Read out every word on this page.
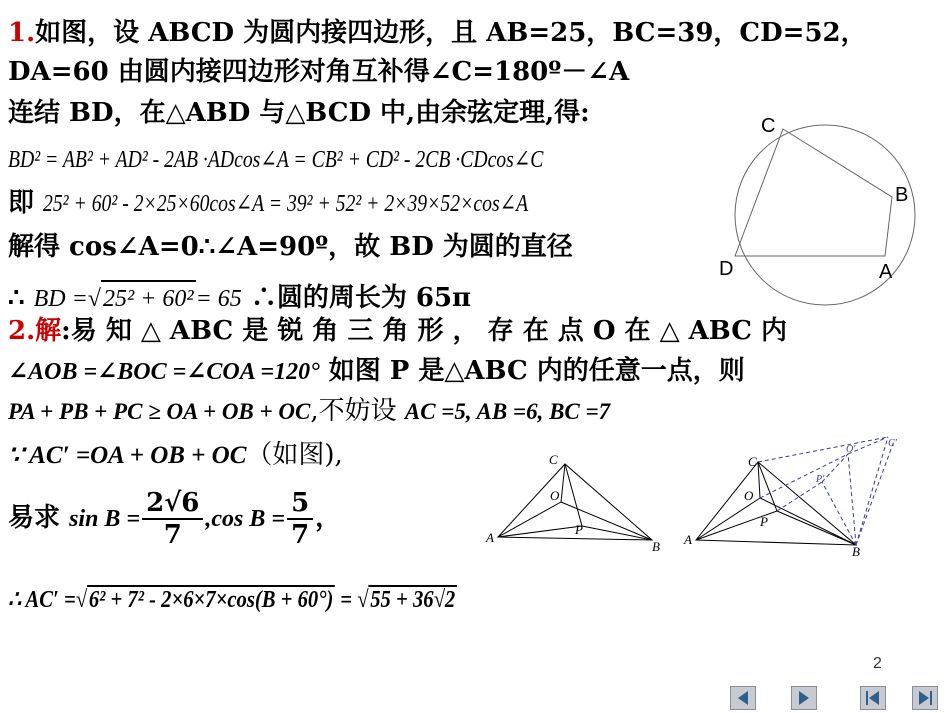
1.如图，设 ABCD 为圆内接四边形，且 AB=25，BC=39，CD=52，
DA=60 由圆内接四边形对角互补得∠C=180º－∠A
连结 BD，在△ABD 与△BCD 中,由余弦定理,得:
BD² = AB² + AD² - 2AB ·ADcos∠A = CB² + CD² - 2CB ·CDcos∠C
即 25² + 60² - 2×25×60cos∠A = 39² + 52² + 2×39×52×cos∠A
解得 cos∠A=0∴∠A=90º，故 BD 为圆的直径
∴ BD =√25² + 60²= 65 ∴圆的周长为 65π
2.解:易 知 △ ABC 是 锐 角 三 角 形 ， 存 在 点 O 在 △ ABC 内
∠AOB =∠BOC =∠COA =120° 如图 P 是△ABC 内的任意一点，则
PA + PB + PC ≥ OA + OB + OC,不妨设 AC =5, AB =6, BC =7
∵ AC′ =OA + OB + OC（如图),
易求 $\sin B = \frac{2√6}{7} ,\cos$ $B = \frac{5}{7}$ ，
∴ AC′ =√6² + 7² - 2×6×7×cos(B + 60°) = √55 + 36√2
C
B
D	A
C
O
P
A
B
C
O
P
A
B
C′
O′
P′
2
